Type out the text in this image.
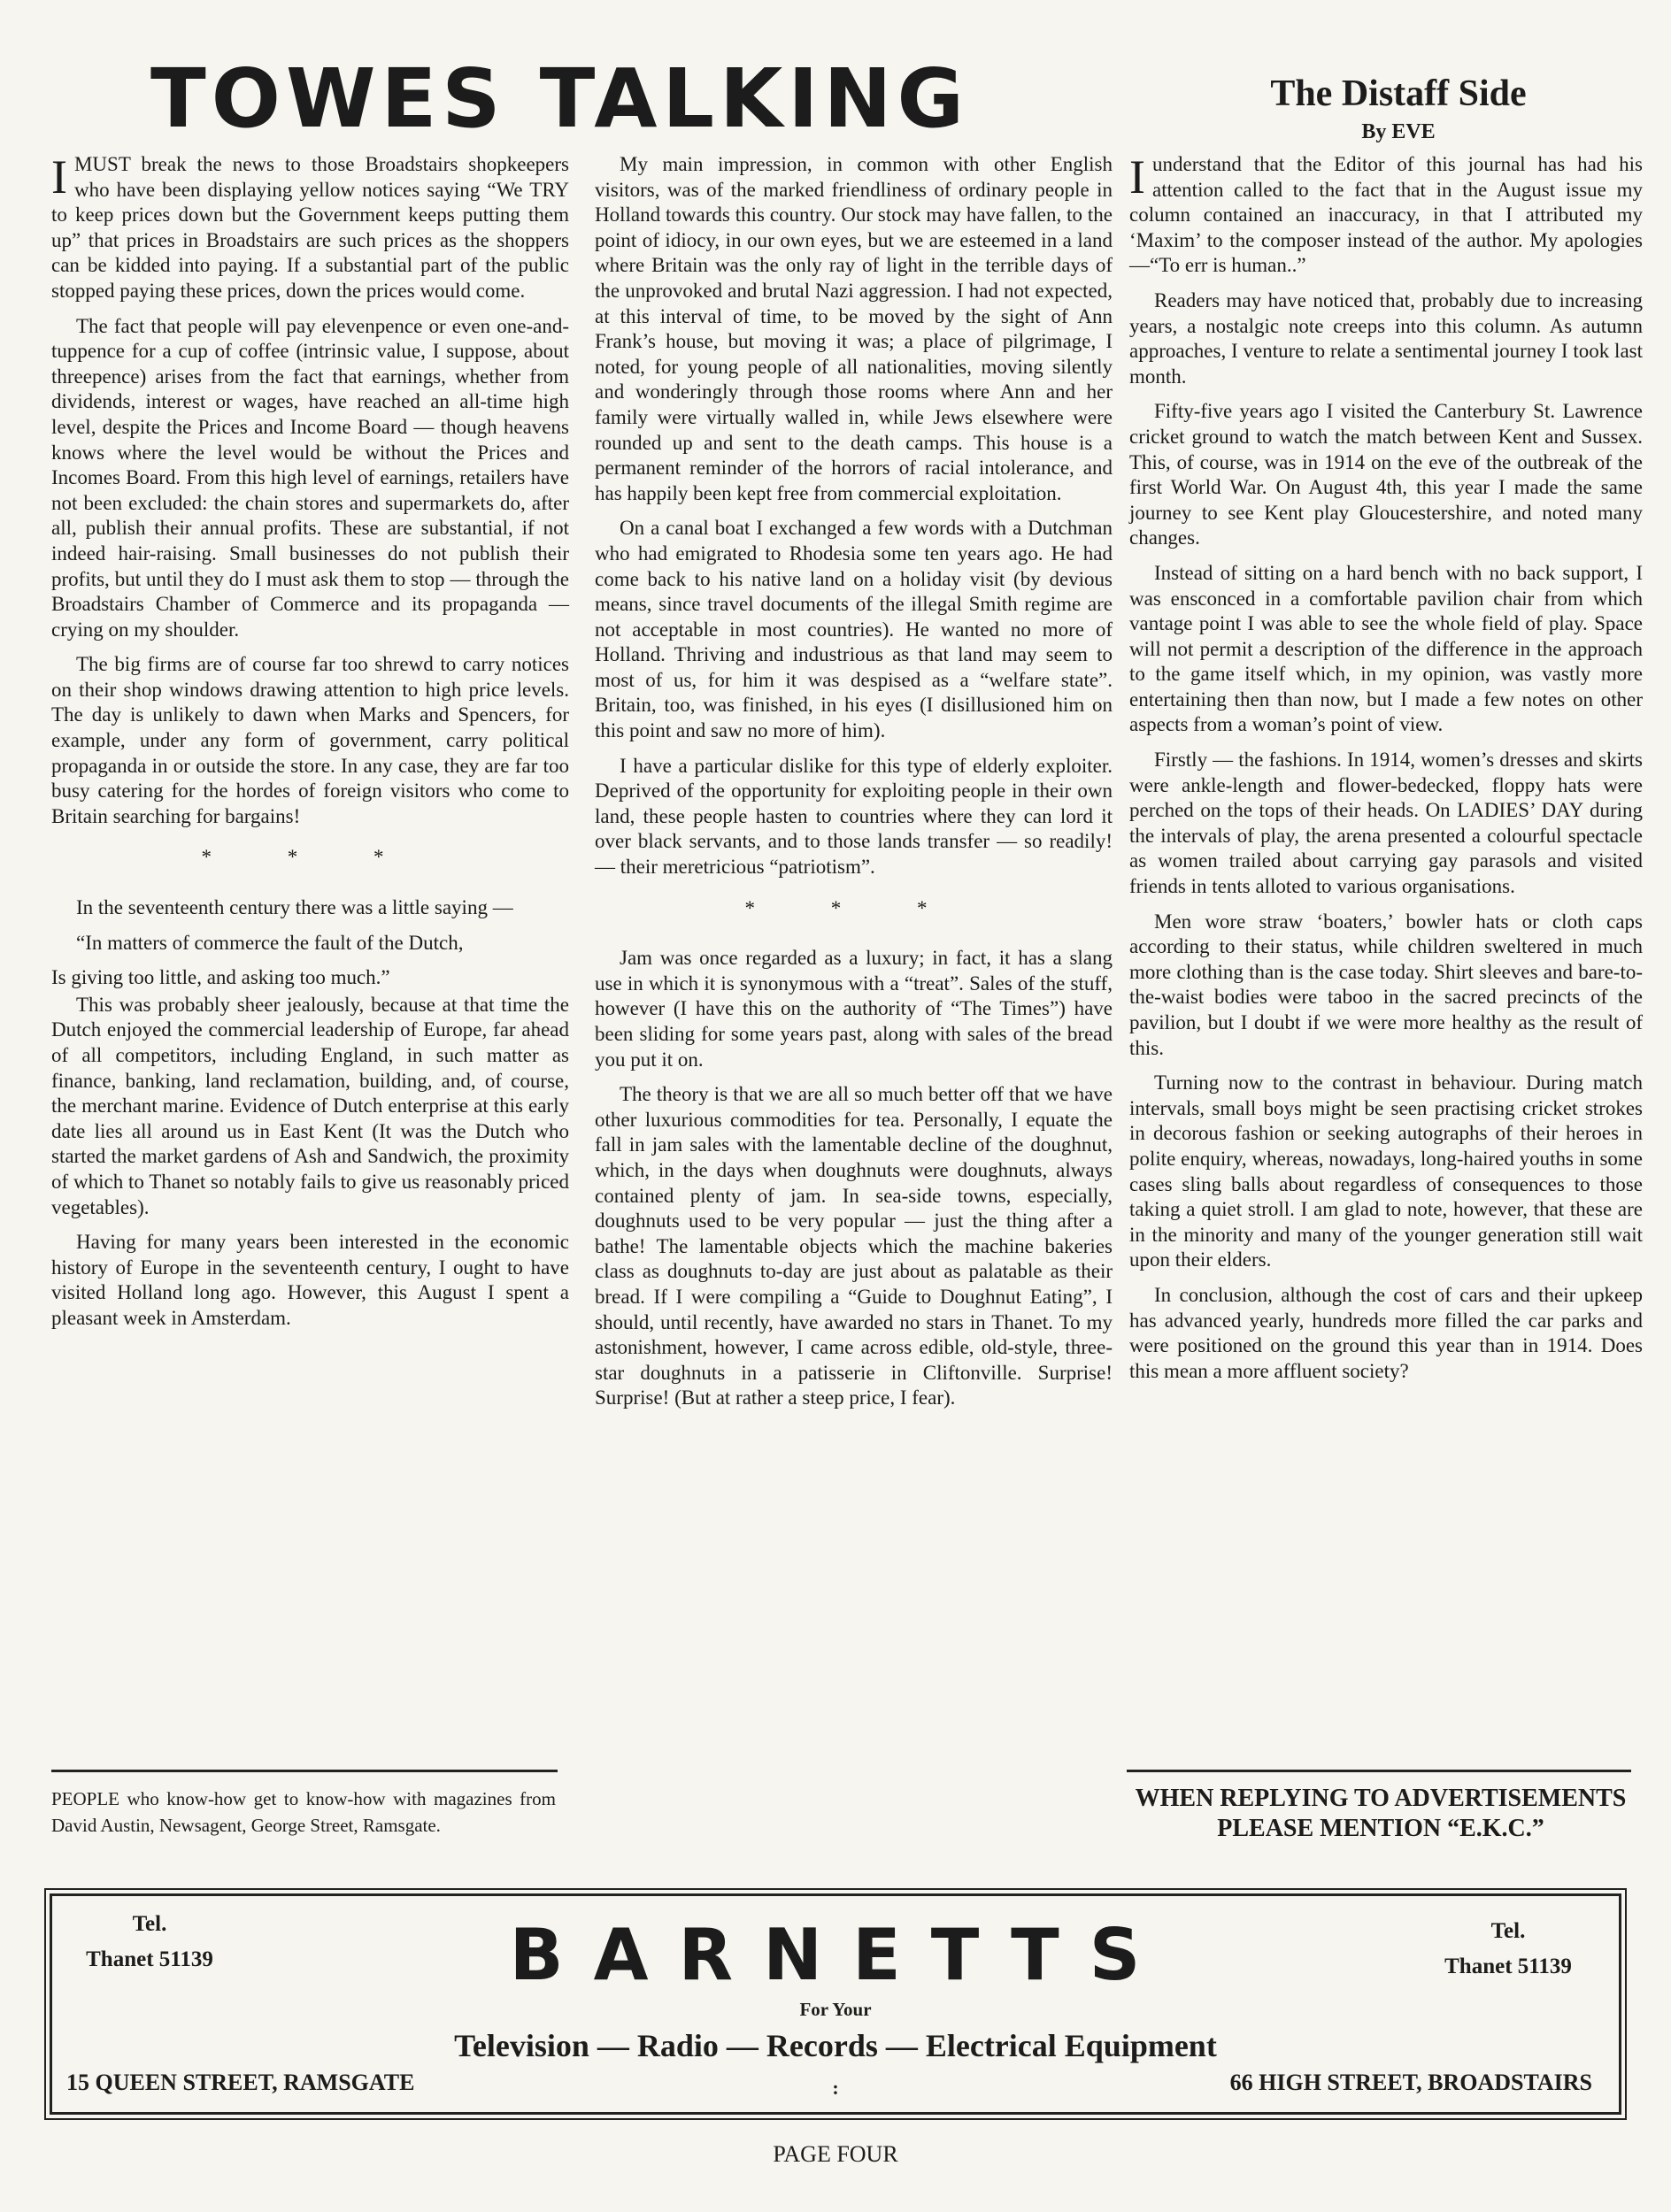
TOWES TALKING	The Distaff Side
By EVE

I MUST break the news to those Broadstairs shopkeepers who have been displaying yellow notices saying “We TRY to keep prices down but the Government keeps putting them up” that prices in Broadstairs are such prices as the shoppers can be kidded into paying. If a substantial part of the public stopped paying these prices, down the prices would come.

The fact that people will pay elevenpence or even one-and-tuppence for a cup of coffee (intrinsic value, I suppose, about threepence) arises from the fact that earnings, whether from dividends, interest or wages, have reached an all-time high level, despite the Prices and Income Board — though heavens knows where the level would be without the Prices and Incomes Board. From this high level of earnings, retailers have not been excluded: the chain stores and supermarkets do, after all, publish their annual profits. These are substantial, if not indeed hair-raising. Small businesses do not publish their profits, but until they do I must ask them to stop — through the Broadstairs Chamber of Commerce and its propaganda — crying on my shoulder.

The big firms are of course far too shrewd to carry notices on their shop windows drawing attention to high price levels. The day is unlikely to dawn when Marks and Spencers, for example, under any form of government, carry political propaganda in or outside the store. In any case, they are far too busy catering for the hordes of foreign visitors who come to Britain searching for bargains!

* * *

In the seventeenth century there was a little saying —

“In matters of commerce the fault of the Dutch,

Is giving too little, and asking too much.”

This was probably sheer jealously, because at that time the Dutch enjoyed the commercial leadership of Europe, far ahead of all competitors, including England, in such matter as finance, banking, land reclamation, building, and, of course, the merchant marine. Evidence of Dutch enterprise at this early date lies all around us in East Kent (It was the Dutch who started the market gardens of Ash and Sandwich, the proximity of which to Thanet so notably fails to give us reasonably priced vegetables).

Having for many years been interested in the economic history of Europe in the seventeenth century, I ought to have visited Holland long ago. However, this August I spent a pleasant week in Amsterdam.

My main impression, in common with other English visitors, was of the marked friendliness of ordinary people in Holland towards this country. Our stock may have fallen, to the point of idiocy, in our own eyes, but we are esteemed in a land where Britain was the only ray of light in the terrible days of the unprovoked and brutal Nazi aggression. I had not expected, at this interval of time, to be moved by the sight of Ann Frank’s house, but moving it was; a place of pilgrimage, I noted, for young people of all nationalities, moving silently and wonderingly through those rooms where Ann and her family were virtually walled in, while Jews elsewhere were rounded up and sent to the death camps. This house is a permanent reminder of the horrors of racial intolerance, and has happily been kept free from commercial exploitation.

On a canal boat I exchanged a few words with a Dutchman who had emigrated to Rhodesia some ten years ago. He had come back to his native land on a holiday visit (by devious means, since travel documents of the illegal Smith regime are not acceptable in most countries). He wanted no more of Holland. Thriving and industrious as that land may seem to most of us, for him it was despised as a “welfare state”. Britain, too, was finished, in his eyes (I disillusioned him on this point and saw no more of him).

I have a particular dislike for this type of elderly exploiter. Deprived of the opportunity for exploiting people in their own land, these people hasten to countries where they can lord it over black servants, and to those lands transfer — so readily! — their meretricious “patriotism”.

* * *

Jam was once regarded as a luxury; in fact, it has a slang use in which it is synonymous with a “treat”. Sales of the stuff, however (I have this on the authority of “The Times”) have been sliding for some years past, along with sales of the bread you put it on.

The theory is that we are all so much better off that we have other luxurious commodities for tea. Personally, I equate the fall in jam sales with the lamentable decline of the doughnut, which, in the days when doughnuts were doughnuts, always contained plenty of jam. In sea-side towns, especially, doughnuts used to be very popular — just the thing after a bathe! The lamentable objects which the machine bakeries class as doughnuts to-day are just about as palatable as their bread. If I were compiling a “Guide to Doughnut Eating”, I should, until recently, have awarded no stars in Thanet. To my astonishment, however, I came across edible, old-style, three-star doughnuts in a patisserie in Cliftonville. Surprise! Surprise! (But at rather a steep price, I fear).

I understand that the Editor of this journal has had his attention called to the fact that in the August issue my column contained an inaccuracy, in that I attributed my ‘Maxim’ to the composer instead of the author. My apologies—“To err is human..”

Readers may have noticed that, probably due to increasing years, a nostalgic note creeps into this column. As autumn approaches, I venture to relate a sentimental journey I took last month.

Fifty-five years ago I visited the Canterbury St. Lawrence cricket ground to watch the match between Kent and Sussex. This, of course, was in 1914 on the eve of the outbreak of the first World War. On August 4th, this year I made the same journey to see Kent play Gloucestershire, and noted many changes.

Instead of sitting on a hard bench with no back support, I was ensconced in a comfortable pavilion chair from which vantage point I was able to see the whole field of play. Space will not permit a description of the difference in the approach to the game itself which, in my opinion, was vastly more entertaining then than now, but I made a few notes on other aspects from a woman’s point of view.

Firstly — the fashions. In 1914, women’s dresses and skirts were ankle-length and flower-bedecked, floppy hats were perched on the tops of their heads. On LADIES’ DAY during the intervals of play, the arena presented a colourful spectacle as women trailed about carrying gay parasols and visited friends in tents alloted to various organisations.

Men wore straw ‘boaters,’ bowler hats or cloth caps according to their status, while children sweltered in much more clothing than is the case today. Shirt sleeves and bare-to-the-waist bodies were taboo in the sacred precincts of the pavilion, but I doubt if we were more healthy as the result of this.

Turning now to the contrast in behaviour. During match intervals, small boys might be seen practising cricket strokes in decorous fashion or seeking autographs of their heroes in polite enquiry, whereas, nowadays, long-haired youths in some cases sling balls about regardless of consequences to those taking a quiet stroll. I am glad to note, however, that these are in the minority and many of the younger generation still wait upon their elders.

In conclusion, although the cost of cars and their upkeep has advanced yearly, hundreds more filled the car parks and were positioned on the ground this year than in 1914. Does this mean a more affluent society?

PEOPLE who know-how get to know-how with magazines from David Austin, Newsagent, George Street, Ramsgate.
WHEN REPLYING TO ADVERTISEMENTS PLEASE MENTION “E.K.C.”
Tel.
Thanet 51139	BARNETTS	Tel.
Thanet 51139
For Your
Television — Radio — Records — Electrical Equipment
15 QUEEN STREET, RAMSGATE	:	66 HIGH STREET, BROADSTAIRS
PAGE FOUR
